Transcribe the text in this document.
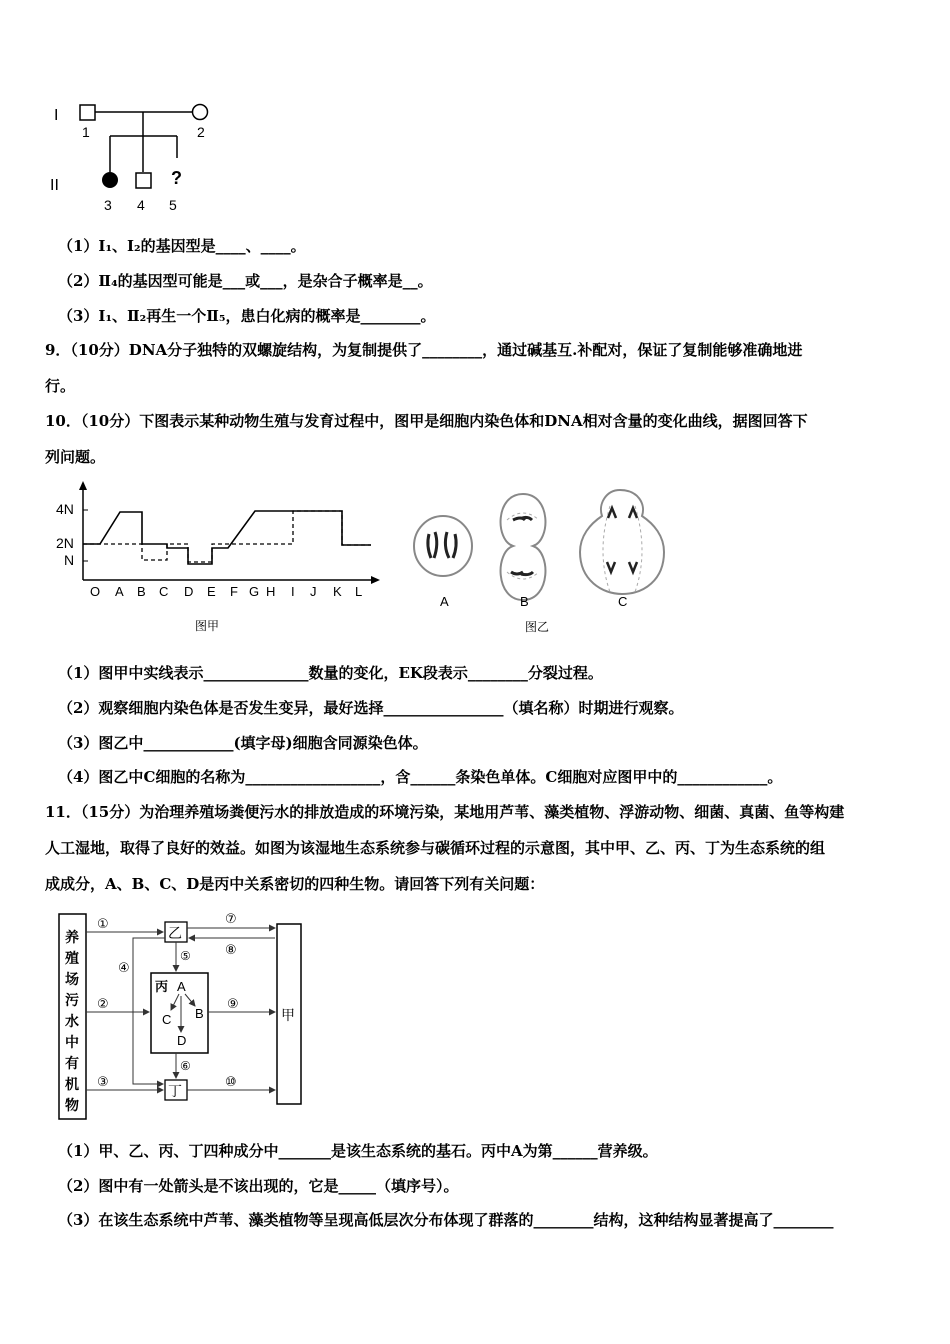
I
II	?
1	2
3 4 5
（1）Ⅰ₁、Ⅰ₂的基因型是____、____。
（2）Ⅱ₄的基因型可能是___或___，是杂合子概率是__。
（3）Ⅰ₁、Ⅱ₂再生一个Ⅱ₅，患白化病的概率是________。
9．（10分）DNA分子独特的双螺旋结构，为复制提供了________，通过碱基互.补配对，保证了复制能够准确地进
行。
10．（10分）下图表示某种动物生殖与发育过程中，图甲是细胞内染色体和DNA相对含量的变化曲线，据图回答下
列问题。
4N
2N
N
O A B C D E F G H I J K L
图甲
A	B	C
图乙
（1）图甲中实线表示______________数量的变化，EK段表示________分裂过程。
（2）观察细胞内染色体是否发生变异，最好选择________________（填名称）时期进行观察。
（3）图乙中____________(填字母)细胞含同源染色体。
（4）图乙中C细胞的名称为__________________，含______条染色单体。C细胞对应图甲中的____________。
11．（15分）为治理养殖场粪便污水的排放造成的环境污染，某地用芦苇、藻类植物、浮游动物、细菌、真菌、鱼等构建
人工湿地，取得了良好的效益。如图为该湿地生态系统参与碳循环过程的示意图，其中甲、乙、丙、丁为生态系统的组
成成分，A、B、C、D是丙中关系密切的四种生物。请回答下列有关问题：
养
殖
场
污
水
中
有
机
物
乙
丙 A
B
C
D
丁
甲
①
②
③
④
⑤
⑥
⑦
⑧
⑨
⑩
（1）甲、乙、丙、丁四种成分中_______是该生态系统的基石。丙中A为第______营养级。
（2）图中有一处箭头是不该出现的，它是_____（填序号）。
（3）在该生态系统中芦苇、藻类植物等呈现高低层次分布体现了群落的________结构，这种结构显著提高了________
